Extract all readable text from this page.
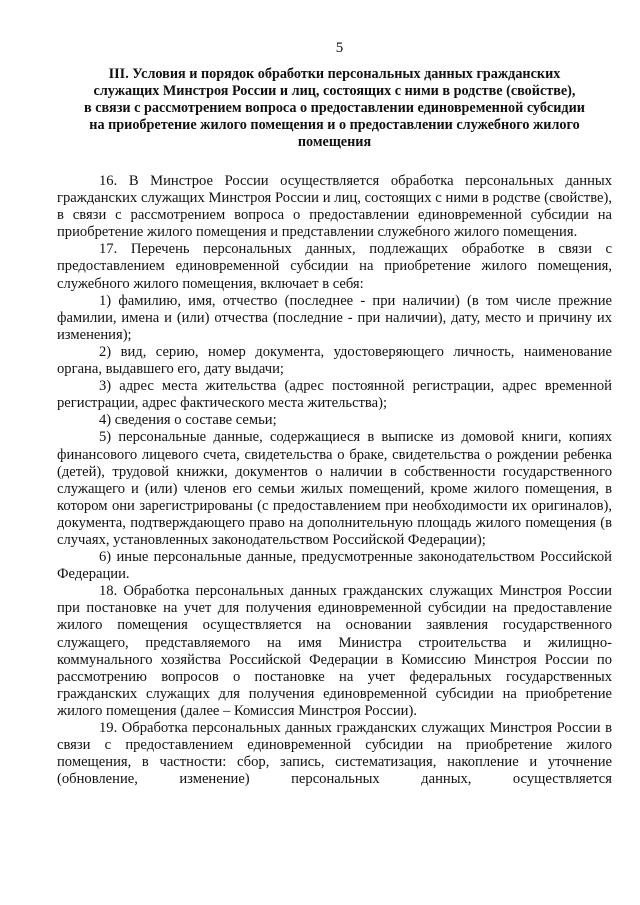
5
III. Условия и порядок обработки персональных данных гражданских
служащих Минстроя России и лиц, состоящих с ними в родстве (свойстве),
в связи с рассмотрением вопроса о предоставлении единовременной субсидии
на приобретение жилого помещения и о предоставлении служебного жилого
помещения

16. В Минстрое России осуществляется обработка персональных данных гражданских служащих Минстроя России и лиц, состоящих с ними в родстве (свойстве), в связи с рассмотрением вопроса о предоставлении единовременной субсидии на приобретение жилого помещения и представлении служебного жилого помещения.

17. Перечень персональных данных, подлежащих обработке в связи с предоставлением единовременной субсидии на приобретение жилого помещения, служебного жилого помещения, включает в себя:

1) фамилию, имя, отчество (последнее - при наличии) (в том числе прежние фамилии, имена и (или) отчества (последние - при наличии), дату, место и причину их изменения);

2) вид, серию, номер документа, удостоверяющего личность, наименование органа, выдавшего его, дату выдачи;

3) адрес места жительства (адрес постоянной регистрации, адрес временной регистрации, адрес фактического места жительства);

4) сведения о составе семьи;

5) персональные данные, содержащиеся в выписке из домовой книги, копиях финансового лицевого счета, свидетельства о браке, свидетельства о рождении ребенка (детей), трудовой книжки, документов о наличии в собственности государственного служащего и (или) членов его семьи жилых помещений, кроме жилого помещения, в котором они зарегистрированы (с предоставлением при необходимости их оригиналов), документа, подтверждающего право на дополнительную площадь жилого помещения (в случаях, установленных законодательством Российской Федерации);

6) иные персональные данные, предусмотренные законодательством Российской Федерации.

18. Обработка персональных данных гражданских служащих Минстроя России при постановке на учет для получения единовременной субсидии на предоставление жилого помещения осуществляется на основании заявления государственного служащего, представляемого на имя Министра строительства и жилищно-коммунального хозяйства Российской Федерации в Комиссию Минстроя России по рассмотрению вопросов о постановке на учет федеральных государственных гражданских служащих для получения единовременной субсидии на приобретение жилого помещения (далее – Комиссия Минстроя России).

19. Обработка персональных данных гражданских служащих Минстроя России в связи с предоставлением единовременной субсидии на приобретение жилого помещения, в частности: сбор, запись, систематизация, накопление и уточнение (обновление, изменение) персональных данных, осуществляется
